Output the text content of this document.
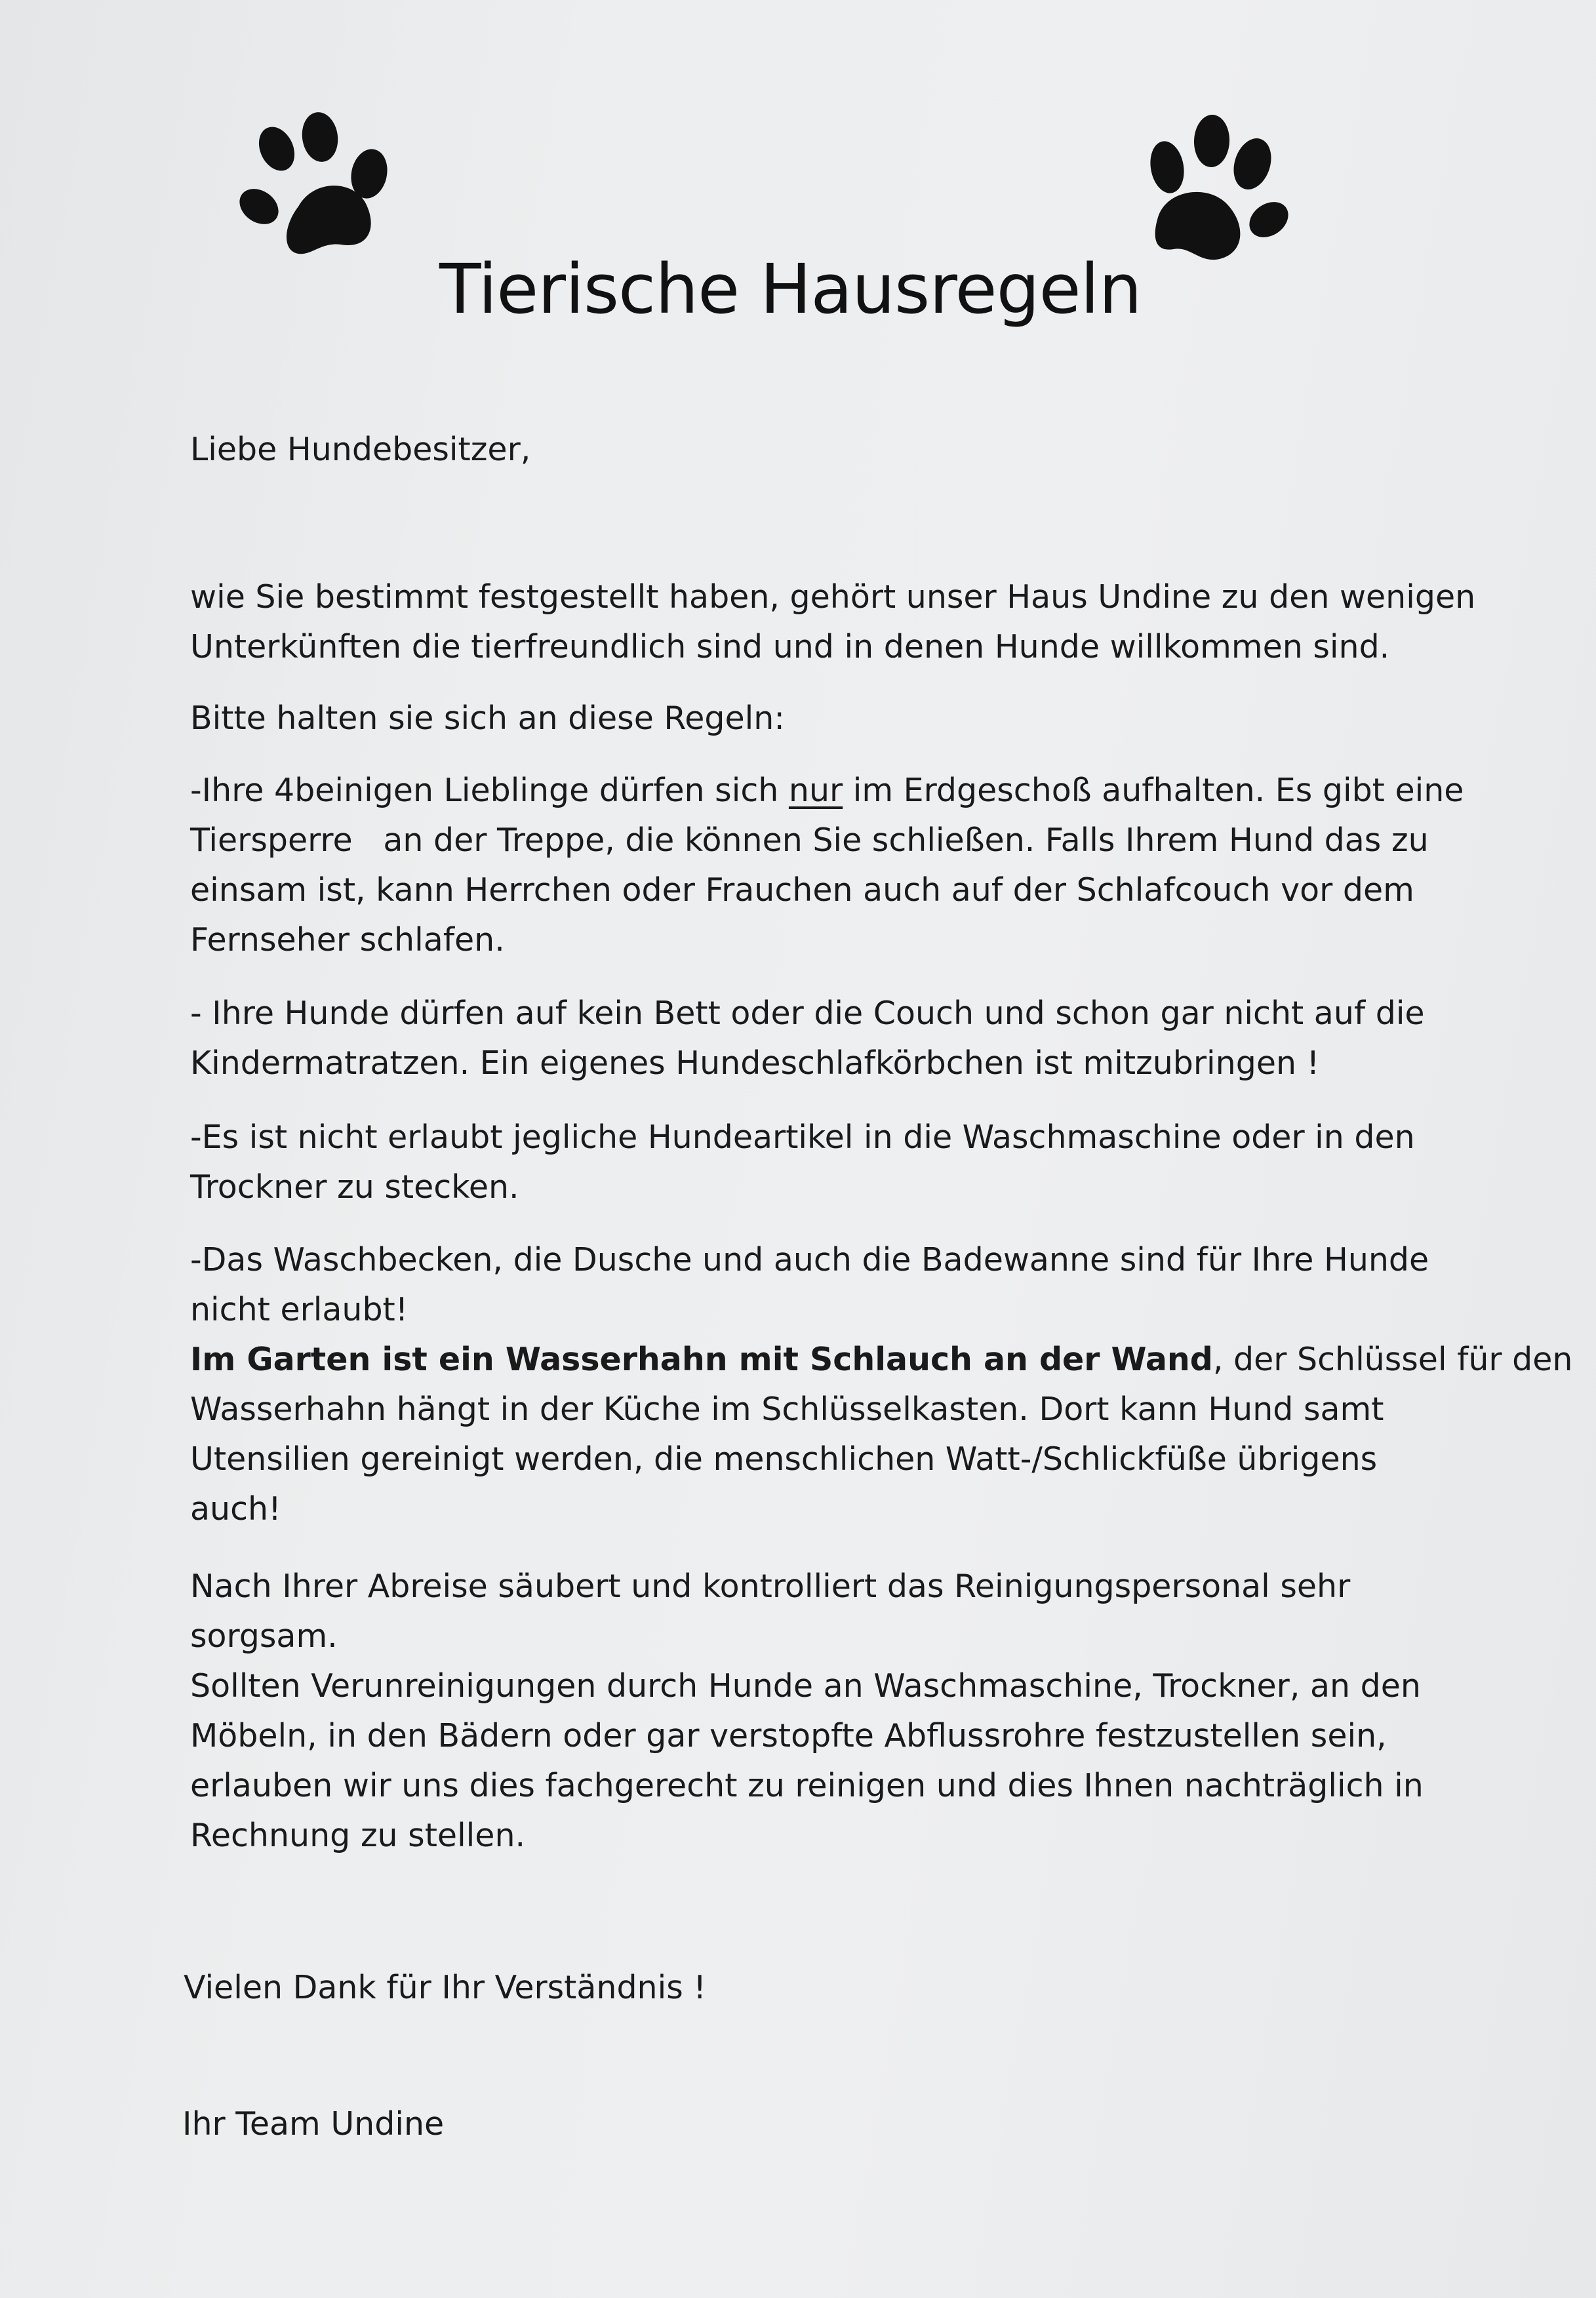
Tierische Hausregeln
Liebe Hundebesitzer,
wie Sie bestimmt festgestellt haben, gehört unser Haus Undine zu den wenigen
Unterkünften die tierfreundlich sind und in denen Hunde willkommen sind.
Bitte halten sie sich an diese Regeln:
-Ihre 4beinigen Lieblinge dürfen sich nur im Erdgeschoß aufhalten. Es gibt eine
Tiersperre   an der Treppe, die können Sie schließen. Falls Ihrem Hund das zu
einsam ist, kann Herrchen oder Frauchen auch auf der Schlafcouch vor dem
Fernseher schlafen.
- Ihre Hunde dürfen auf kein Bett oder die Couch und schon gar nicht auf die
Kindermatratzen. Ein eigenes Hundeschlafkörbchen ist mitzubringen !
-Es ist nicht erlaubt jegliche Hundeartikel in die Waschmaschine oder in den
Trockner zu stecken.
-Das Waschbecken, die Dusche und auch die Badewanne sind für Ihre Hunde
nicht erlaubt!
Im Garten ist ein Wasserhahn mit Schlauch an der Wand, der Schlüssel für den
Wasserhahn hängt in der Küche im Schlüsselkasten. Dort kann Hund samt
Utensilien gereinigt werden, die menschlichen Watt-/Schlickfüße übrigens
auch!
Nach Ihrer Abreise säubert und kontrolliert das Reinigungspersonal sehr
sorgsam.
Sollten Verunreinigungen durch Hunde an Waschmaschine, Trockner, an den
Möbeln, in den Bädern oder gar verstopfte Abflussrohre festzustellen sein,
erlauben wir uns dies fachgerecht zu reinigen und dies Ihnen nachträglich in
Rechnung zu stellen.
Vielen Dank für Ihr Verständnis !
Ihr Team Undine
